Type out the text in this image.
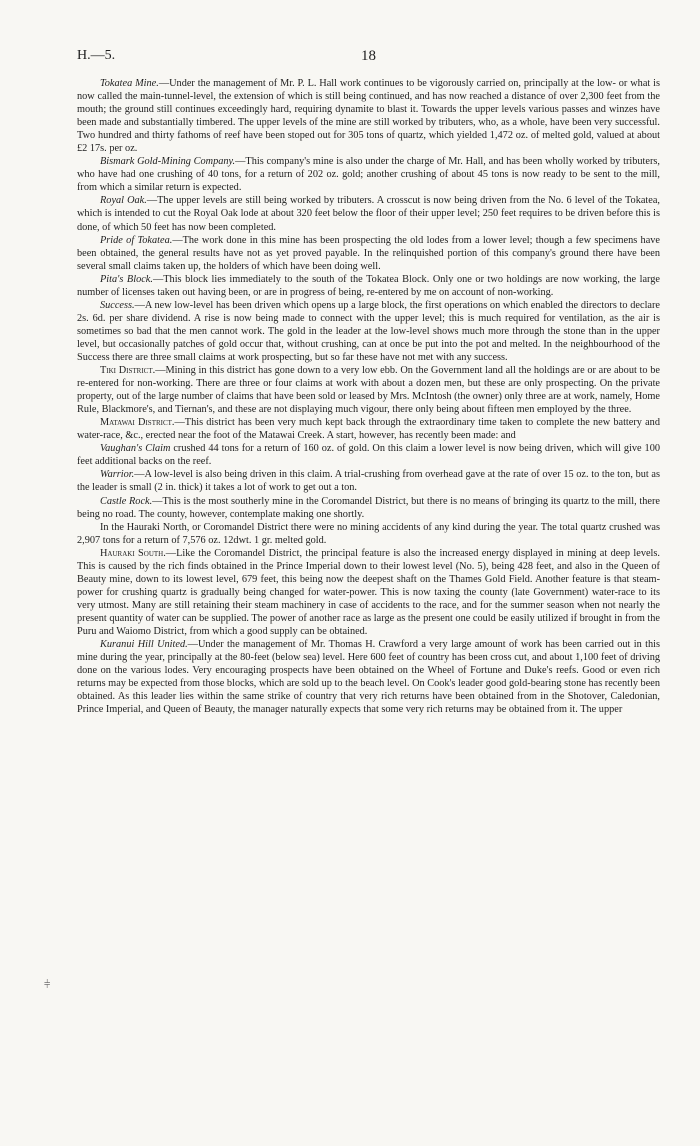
H.—5.	18
⫩

Tokatea Mine.—Under the management of Mr. P. L. Hall work continues to be vigorously carried on, principally at the low- or what is now called the main-tunnel-level, the extension of which is still being continued, and has now reached a distance of over 2,300 feet from the mouth; the ground still continues exceedingly hard, requiring dynamite to blast it. Towards the upper levels various passes and winzes have been made and substantially timbered. The upper levels of the mine are still worked by tributers, who, as a whole, have been very successful. Two hundred and thirty fathoms of reef have been stoped out for 305 tons of quartz, which yielded 1,472 oz. of melted gold, valued at about £2 17s. per oz.

Bismark Gold-Mining Company.—This company's mine is also under the charge of Mr. Hall, and has been wholly worked by tributers, who have had one crushing of 40 tons, for a return of 202 oz. gold; another crushing of about 45 tons is now ready to be sent to the mill, from which a similar return is expected.

Royal Oak.—The upper levels are still being worked by tributers. A crosscut is now being driven from the No. 6 level of the Tokatea, which is intended to cut the Royal Oak lode at about 320 feet below the floor of their upper level; 250 feet requires to be driven before this is done, of which 50 feet has now been completed.

Pride of Tokatea.—The work done in this mine has been prospecting the old lodes from a lower level; though a few specimens have been obtained, the general results have not as yet proved payable. In the relinquished portion of this company's ground there have been several small claims taken up, the holders of which have been doing well.

Pita's Block.—This block lies immediately to the south of the Tokatea Block. Only one or two holdings are now working, the large number of licenses taken out having been, or are in progress of being, re-entered by me on account of non-working.

Success.—A new low-level has been driven which opens up a large block, the first operations on which enabled the directors to declare 2s. 6d. per share dividend. A rise is now being made to connect with the upper level; this is much required for ventilation, as the air is sometimes so bad that the men cannot work. The gold in the leader at the low-level shows much more through the stone than in the upper level, but occasionally patches of gold occur that, without crushing, can at once be put into the pot and melted. In the neighbourhood of the Success there are three small claims at work prospecting, but so far these have not met with any success.

Tiki District.—Mining in this district has gone down to a very low ebb. On the Government land all the holdings are or are about to be re-entered for non-working. There are three or four claims at work with about a dozen men, but these are only prospecting. On the private property, out of the large number of claims that have been sold or leased by Mrs. McIntosh (the owner) only three are at work, namely, Home Rule, Blackmore's, and Tiernan's, and these are not displaying much vigour, there only being about fifteen men employed by the three.

Matawai District.—This district has been very much kept back through the extraordinary time taken to complete the new battery and water-race, &c., erected near the foot of the Matawai Creek. A start, however, has recently been made: and

Vaughan's Claim crushed 44 tons for a return of 160 oz. of gold. On this claim a lower level is now being driven, which will give 100 feet additional backs on the reef.

Warrior.—A low-level is also being driven in this claim. A trial-crushing from overhead gave at the rate of over 15 oz. to the ton, but as the leader is small (2 in. thick) it takes a lot of work to get out a ton.

Castle Rock.—This is the most southerly mine in the Coromandel District, but there is no means of bringing its quartz to the mill, there being no road. The county, however, contemplate making one shortly.

In the Hauraki North, or Coromandel District there were no mining accidents of any kind during the year. The total quartz crushed was 2,907 tons for a return of 7,576 oz. 12dwt. 1 gr. melted gold.

Hauraki South.—Like the Coromandel District, the principal feature is also the increased energy displayed in mining at deep levels. This is caused by the rich finds obtained in the Prince Imperial down to their lowest level (No. 5), being 428 feet, and also in the Queen of Beauty mine, down to its lowest level, 679 feet, this being now the deepest shaft on the Thames Gold Field. Another feature is that steam-power for crushing quartz is gradually being changed for water-power. This is now taxing the county (late Government) water-race to its very utmost. Many are still retaining their steam machinery in case of accidents to the race, and for the summer season when not nearly the present quantity of water can be supplied. The power of another race as large as the present one could be easily utilized if brought in from the Puru and Waiomo District, from which a good supply can be obtained.

Kuranui Hill United.—Under the management of Mr. Thomas H. Crawford a very large amount of work has been carried out in this mine during the year, principally at the 80-feet (below sea) level. Here 600 feet of country has been cross cut, and about 1,100 feet of driving done on the various lodes. Very encouraging prospects have been obtained on the Wheel of Fortune and Duke's reefs. Good or even rich returns may be expected from those blocks, which are sold up to the beach level. On Cook's leader good gold-bearing stone has recently been obtained. As this leader lies within the same strike of country that very rich returns have been obtained from in the Shotover, Caledonian, Prince Imperial, and Queen of Beauty, the manager naturally expects that some very rich returns may be obtained from it. The upper
